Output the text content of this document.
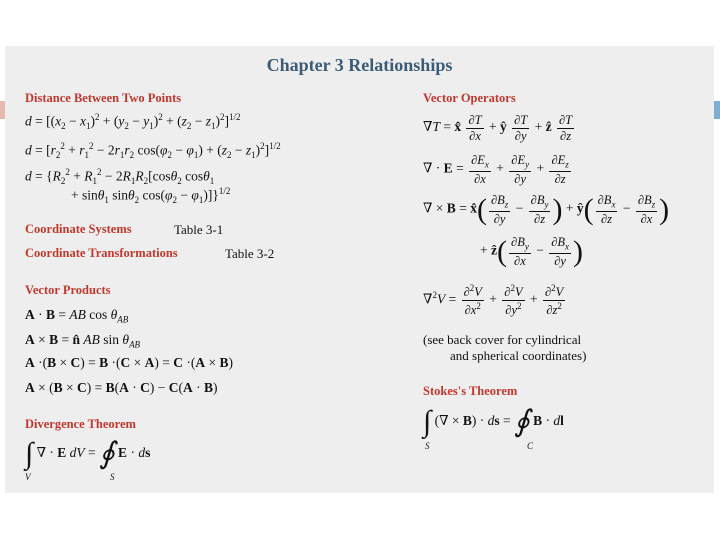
Chapter 3 Relationships
Distance Between Two Points
$d = [(x_2 - x_1)^2 + (y_2 - y_1)^2 + (z_2 - z_1)^2]^{1/2}$
$d = [r_2^2 + r_1^2 - 2r_1r_2$ $\cos(\varphi_2 - \varphi_1) + (z_2 - z_1)^2]^{1/2}$
$d = \{R_2^2 + R_1^2 - 2R_1R_2[\cos\theta_2$ cosθ$_1$
+ sinθ$_1$ sinθ$_2$ $\cos(\varphi_2 - \varphi_1)]\}^{1/2}$
Coordinate Systems	Table 3-1
Coordinate Transformations	Table 3-2
Vector Products
A · B = AB $\cos \theta_{AB}$
A × B = n̂ AB $\sin \theta_{AB}$
A ·(B × C) = B ·(C × A) = C ·(A × B)
A × (B × C) = B(A · C) − C(A · B)
Divergence Theorem
∫ ∇ · E dV = ∮ E · ds
V	S
Vector Operators
∇T = x̂ $\frac{\partial T}{\partial x}$ + ŷ $\frac{\partial T}{\partial y}$ + ẑ $\frac{\partial T}{\partial z}$
∇ · $E = \frac{\partial E_x}{\partial x} + \frac{\partial E_y}{\partial y} + \frac{\partial E_z}{\partial z}$
∇ × B = x̂( $\frac{\partial B_z}{\partial y} - \frac{\partial B_y}{\partial z}$ ) + ŷ( $\frac{\partial B_x}{\partial z} - \frac{\partial B_z}{\partial x}$ )
+ ẑ( $\frac{\partial B_y}{\partial x} - \frac{\partial B_x}{\partial y}$ )
$\nabla^2V = \frac{\partial^2V}{\partial x^2} + \frac{\partial^2V}{\partial y^2} + \frac{\partial^2V}{\partial z^2}$
(see back cover for cylindrical
and spherical coordinates)
Stokes's Theorem
∫ (∇ × B) · ds = ∮ B · dl
S	C
